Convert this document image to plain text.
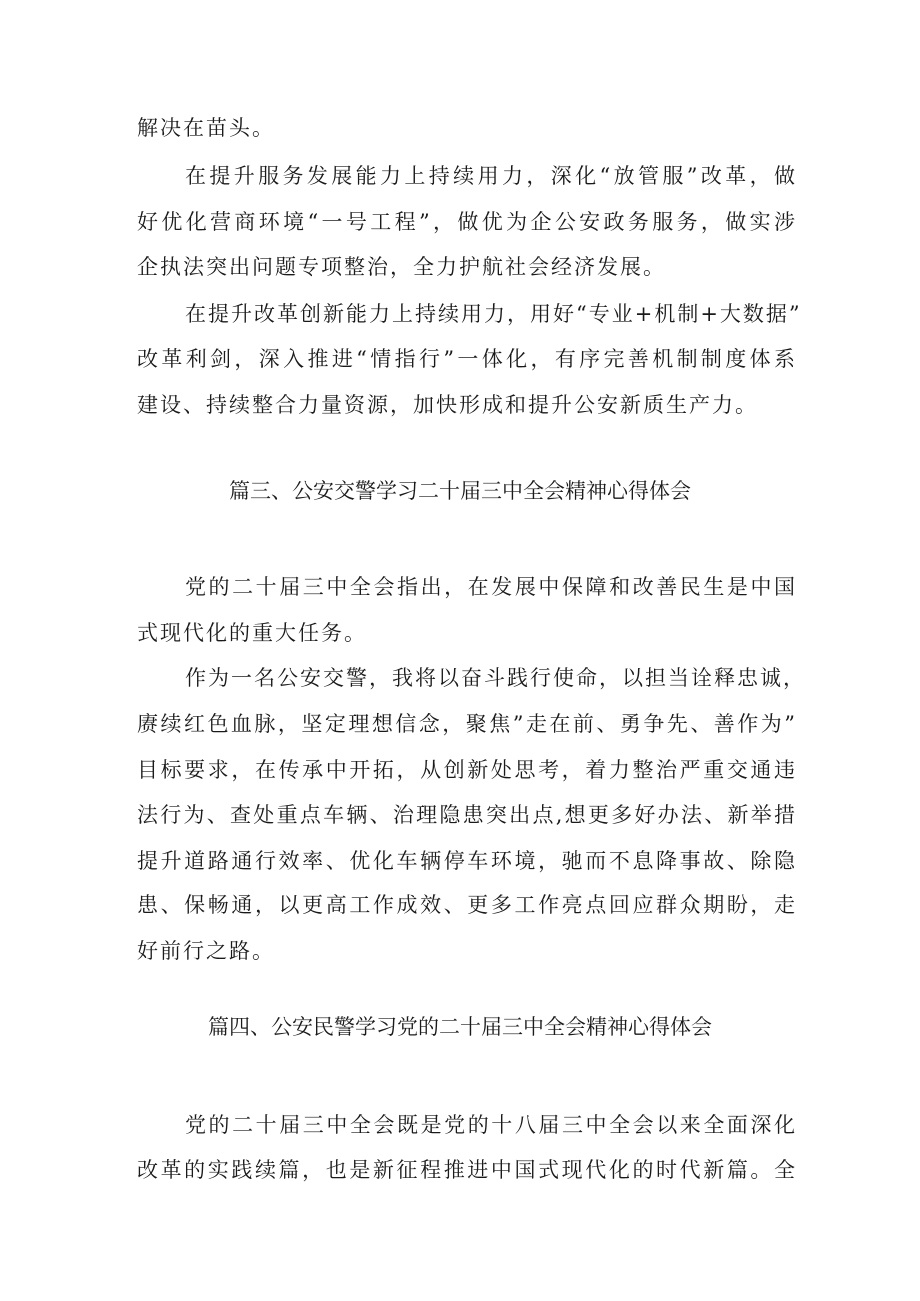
解决在苗头。
在提升服务发展能力上持续用力，深化“放管服”改革，做
好优化营商环境“一号工程”，做优为企公安政务服务，做实涉
企执法突出问题专项整治，全力护航社会经济发展。
在提升改革创新能力上持续用力，用好“专业+机制+大数据”
改革利剑，深入推进“情指行”一体化，有序完善机制制度体系
建设、持续整合力量资源，加快形成和提升公安新质生产力。
篇三、公安交警学习二十届三中全会精神心得体会
党的二十届三中全会指出，在发展中保障和改善民生是中国
式现代化的重大任务。
作为一名公安交警，我将以奋斗践行使命，以担当诠释忠诚，
赓续红色血脉，坚定理想信念，聚焦”走在前、勇争先、善作为”
目标要求，在传承中开拓，从创新处思考，着力整治严重交通违
法行为、查处重点车辆、治理隐患突出点,想更多好办法、新举措
提升道路通行效率、优化车辆停车环境，驰而不息降事故、除隐
患、保畅通，以更高工作成效、更多工作亮点回应群众期盼，走
好前行之路。
篇四、公安民警学习党的二十届三中全会精神心得体会
党的二十届三中全会既是党的十八届三中全会以来全面深化
改革的实践续篇，也是新征程推进中国式现代化的时代新篇。全
